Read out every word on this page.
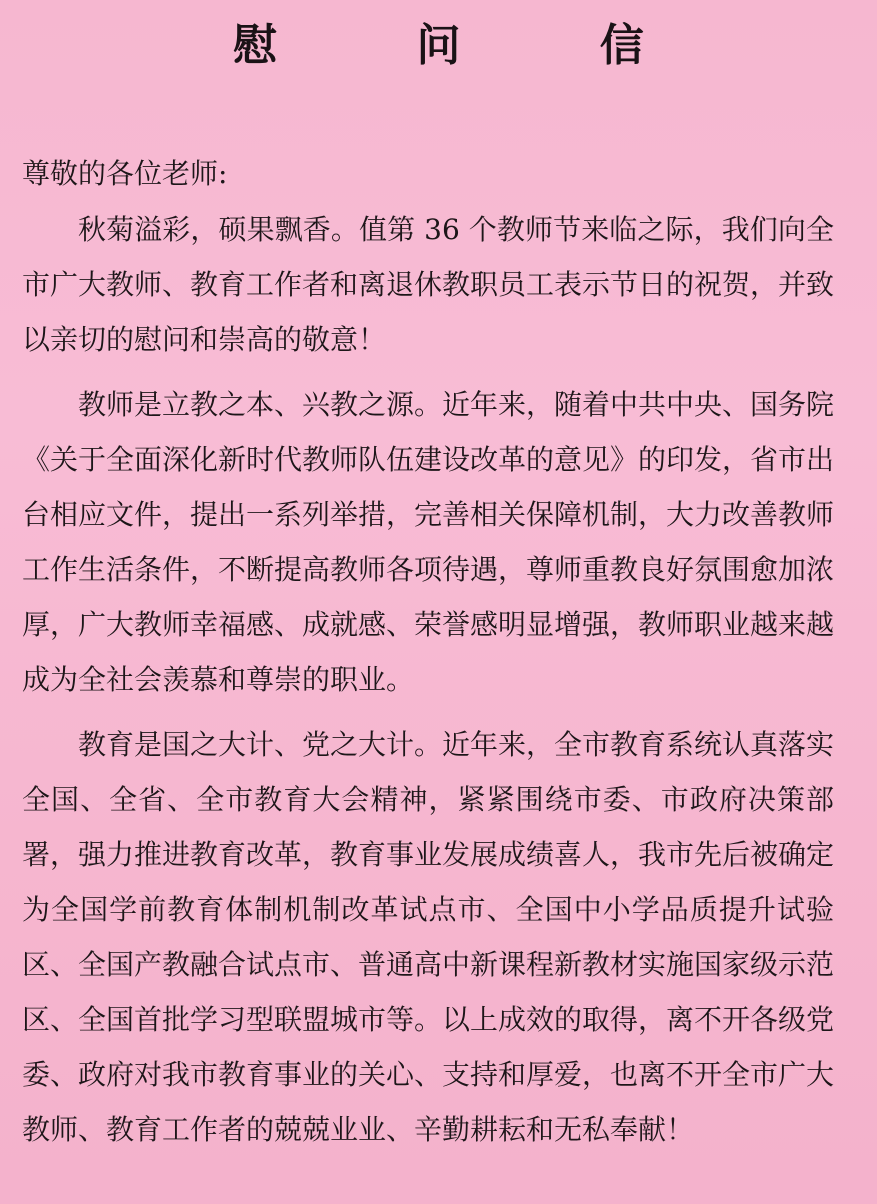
慰 问 信

尊敬的各位老师:

秋菊溢彩，硕果飘香。值第 36 个教师节来临之际，我们向全市广大教师、教育工作者和离退休教职员工表示节日的祝贺，并致以亲切的慰问和崇高的敬意！

教师是立教之本、兴教之源。近年来，随着中共中央、国务院《关于全面深化新时代教师队伍建设改革的意见》的印发，省市出台相应文件，提出一系列举措，完善相关保障机制，大力改善教师工作生活条件，不断提高教师各项待遇，尊师重教良好氛围愈加浓厚，广大教师幸福感、成就感、荣誉感明显增强，教师职业越来越成为全社会羡慕和尊崇的职业。

教育是国之大计、党之大计。近年来，全市教育系统认真落实全国、全省、全市教育大会精神，紧紧围绕市委、市政府决策部署，强力推进教育改革，教育事业发展成绩喜人，我市先后被确定为全国学前教育体制机制改革试点市、全国中小学品质提升试验区、全国产教融合试点市、普通高中新课程新教材实施国家级示范区、全国首批学习型联盟城市等。以上成效的取得，离不开各级党委、政府对我市教育事业的关心、支持和厚爱，也离不开全市广大教师、教育工作者的兢兢业业、辛勤耕耘和无私奉献！
